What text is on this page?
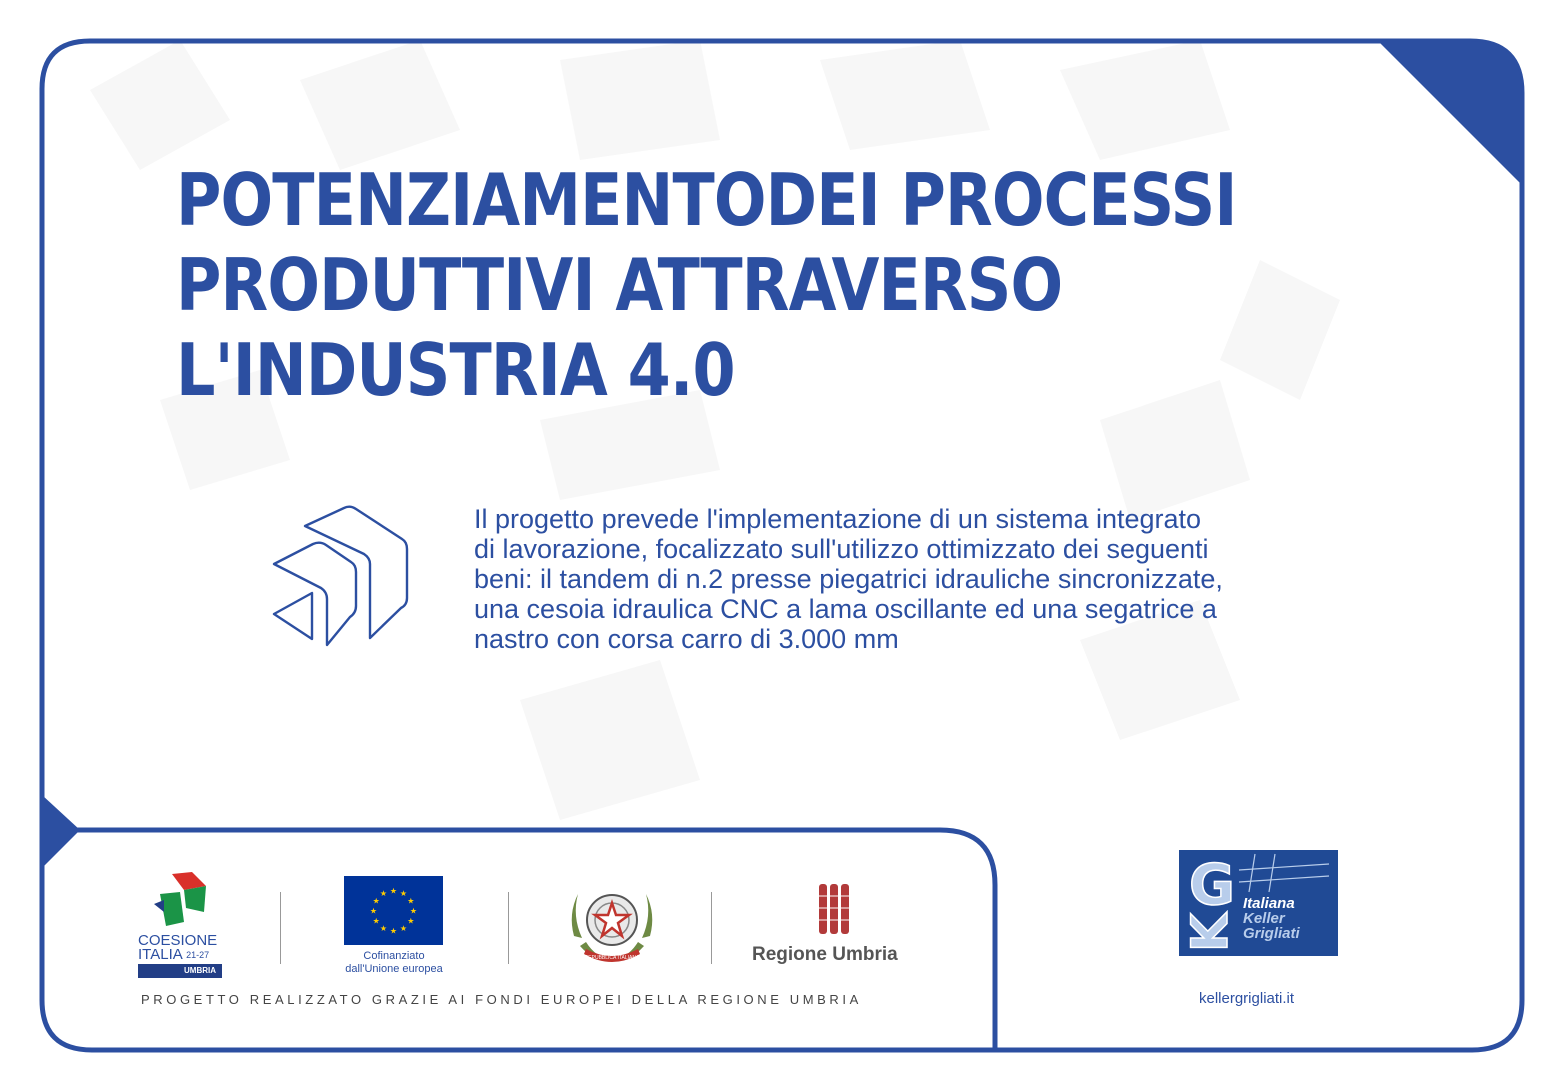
POTENZIAMENTODEI PROCESSI
PRODUTTIVI ATTRAVERSO
L'INDUSTRIA 4.0

Il progetto prevede l'implementazione di un sistema integrato
di lavorazione, focalizzato sull'utilizzo ottimizzato dei seguenti
beni: il tandem di n.2 presse piegatrici idrauliche sincronizzate,
una cesoia idraulica CNC a lama oscillante ed una segatrice a
nastro con corsa carro di 3.000 mm

COESIONE
ITALIA $^{21-27}$
UMBRIA
★ ★
★
★
★
★
★
★
★
★
★
★
Cofinanziato
dall'Unione europea
REPUBBLICA ITALIANA	Regione Umbria
PROGETTO REALIZZATO GRAZIE AI FONDI EUROPEI DELLA REGIONE UMBRIA
G
K
Italiana
Keller
Grigliati
kellergrigliati.it
